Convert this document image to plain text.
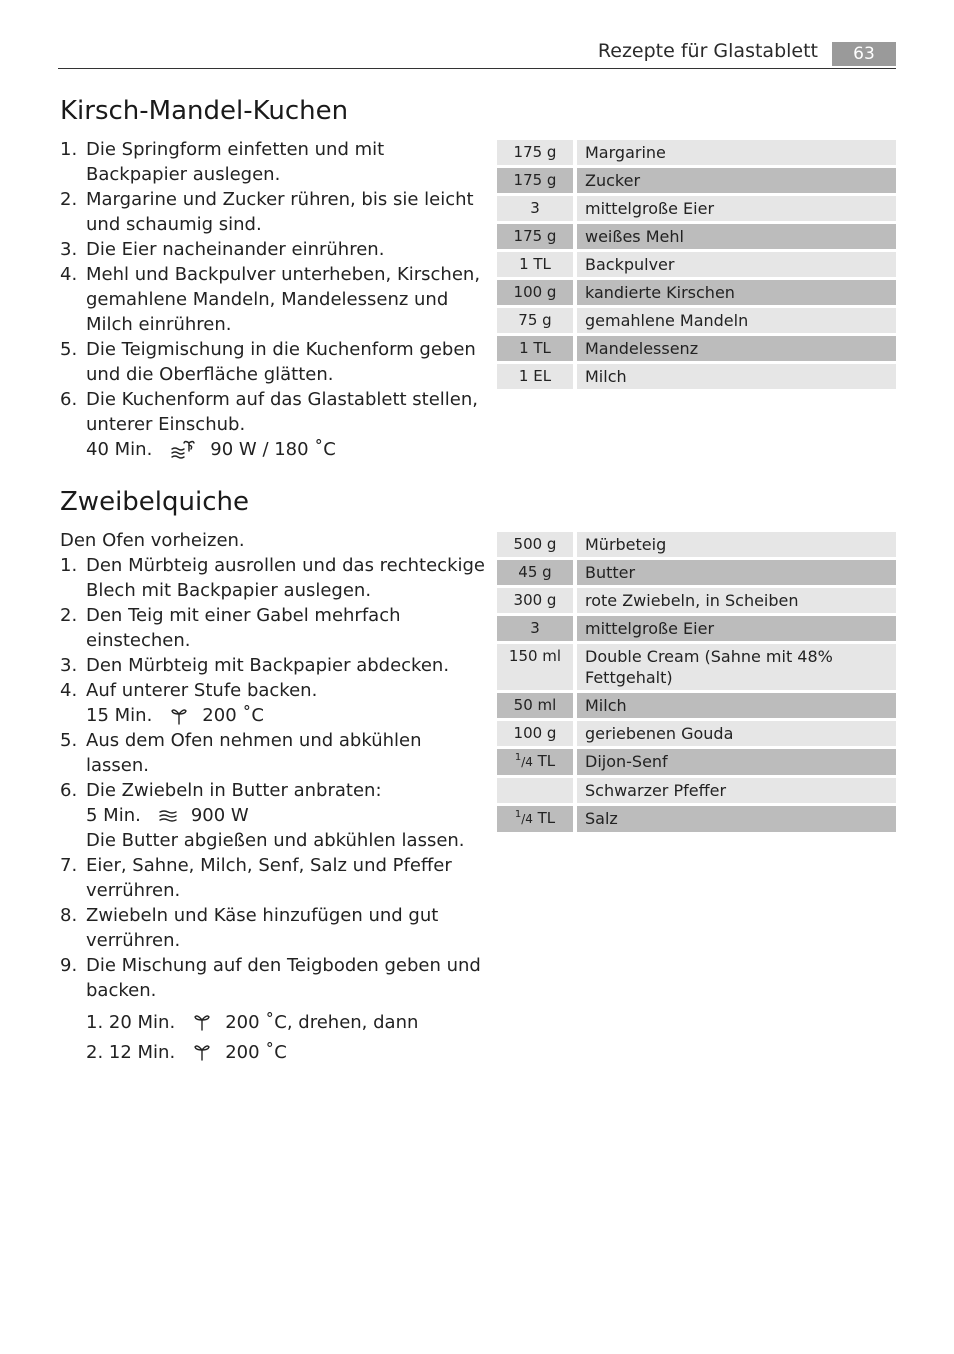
Rezepte für Glastablett	63
Kirsch-Mandel-Kuchen
1. Die Springform einfetten und mit Backpapier auslegen.
2. Margarine und Zucker rühren, bis sie leicht und schaumig sind.
3. Die Eier nacheinander einrühren.
4. Mehl und Backpulver unterheben, Kirschen, gemahlene Mandeln, Mandelessenz und Milch einrühren.
5. Die Teigmischung in die Kuchenform geben und die Oberfläche glätten.
6. Die Kuchenform auf das Glastablett stellen, unterer Einschub.
40 Min.	90 W / 180 ˚C
175 g	Margarine
175 g	Zucker
3	mittelgroße Eier
175 g	weißes Mehl
1 TL	Backpulver
100 g	kandierte Kirschen
75 g	gemahlene Mandeln
1 TL	Mandelessenz
1 EL	Milch
Zweibelquiche
Den Ofen vorheizen.
1. Den Mürbteig ausrollen und das rechteckige Blech mit Backpapier auslegen.
2. Den Teig mit einer Gabel mehrfach einstechen.
3. Den Mürbteig mit Backpapier abdecken.
4. Auf unterer Stufe backen.
15 Min.	200 ˚C
5. Aus dem Ofen nehmen und abkühlen lassen.
6. Die Zwiebeln in Butter anbraten:
5 Min.	900 W
Die Butter abgießen und abkühlen lassen.
7. Eier, Sahne, Milch, Senf, Salz und Pfeffer verrühren.
8. Zwiebeln und Käse hinzufügen und gut verrühren.
9. Die Mischung auf den Teigboden geben und backen.
1. 20 Min.	200 ˚C, drehen, dann
2. 12 Min.	200 ˚C
500 g	Mürbeteig
45 g	Butter
300 g	rote Zwiebeln, in Scheiben
3	mittelgroße Eier
150 ml	Double Cream (Sahne mit 48% Fettgehalt)
50 ml	Milch
100 g	geriebenen Gouda
$^1$/4 TL	Dijon-Senf
	Schwarzer Pfeffer
$^1$/4 TL	Salz
